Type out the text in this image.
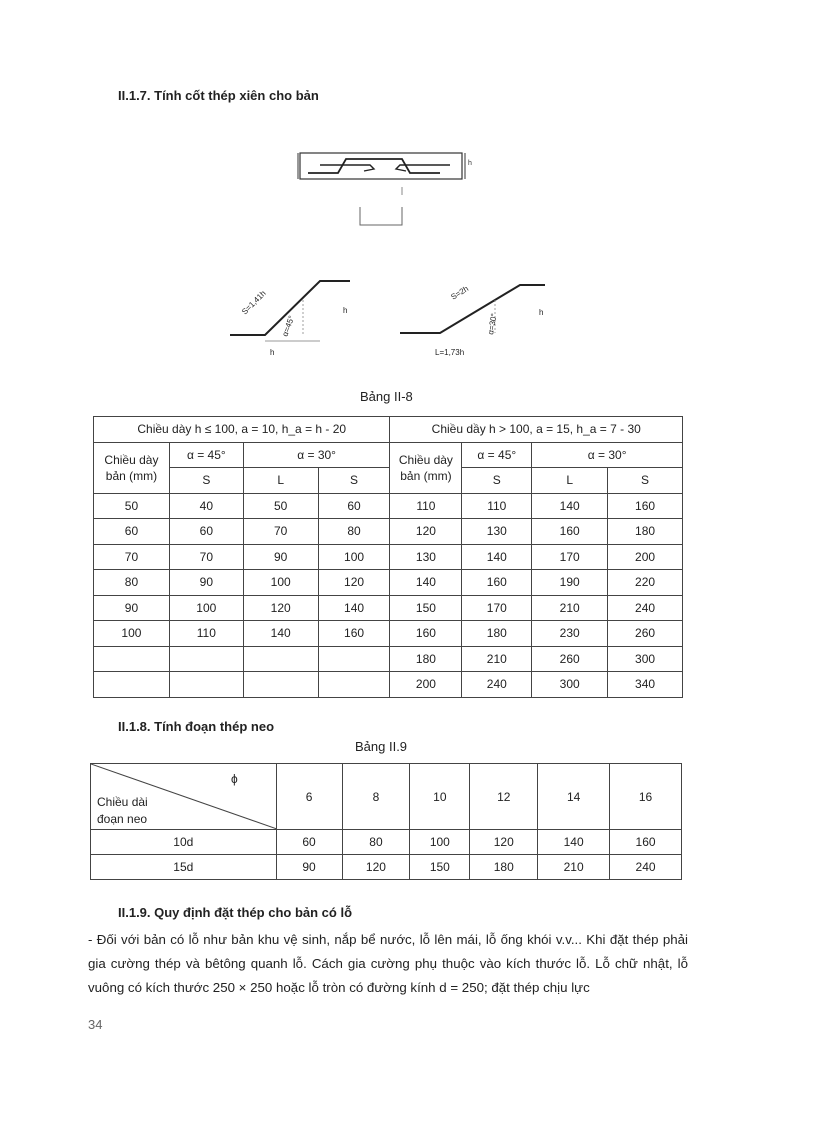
II.1.7. Tính cốt thép xiên cho bản
h
S=1,41h
α=45°
h
h
S=2h
α=30°
L=1,73h
h
Bảng II-8
Chiều dày h ≤ 100, a = 10, h_a = h - 20				Chiều dầy h > 100, a = 15, h_a = 7 - 30			
Chiều dày bản (mm)	α = 45°	α = 30°		Chiều dày bản (mm)	α = 45°	α = 30°	
	S	L	S		S	L	S
50	40	50	60	110	110	140	160
60	60	70	80	120	130	160	180
70	70	90	100	130	140	170	200
80	90	100	120	140	160	190	220
90	100	120	140	150	170	210	240
100	110	140	160	160	180	230	260
				180	210	260	300
				200	240	300	340
II.1.8. Tính đoạn thép neo
Bảng II.9
ϕ
Chiều dài đoạn neo	6	8	10	12	14	16
10d	60	80	100	120	140	160
15d	90	120	150	180	210	240
II.1.9. Quy định đặt thép cho bản có lỗ
- Đối với bản có lỗ như bản khu vệ sinh, nắp bể nước, lỗ lên mái, lỗ ống khói v.v... Khi đặt thép phải gia cường thép và bêtông quanh lỗ. Cách gia cường phụ thuộc vào kích thước lỗ. Lỗ chữ nhật, lỗ vuông có kích thước 250 × 250 hoặc lỗ tròn có đường kính d = 250; đặt thép chịu lực
34
